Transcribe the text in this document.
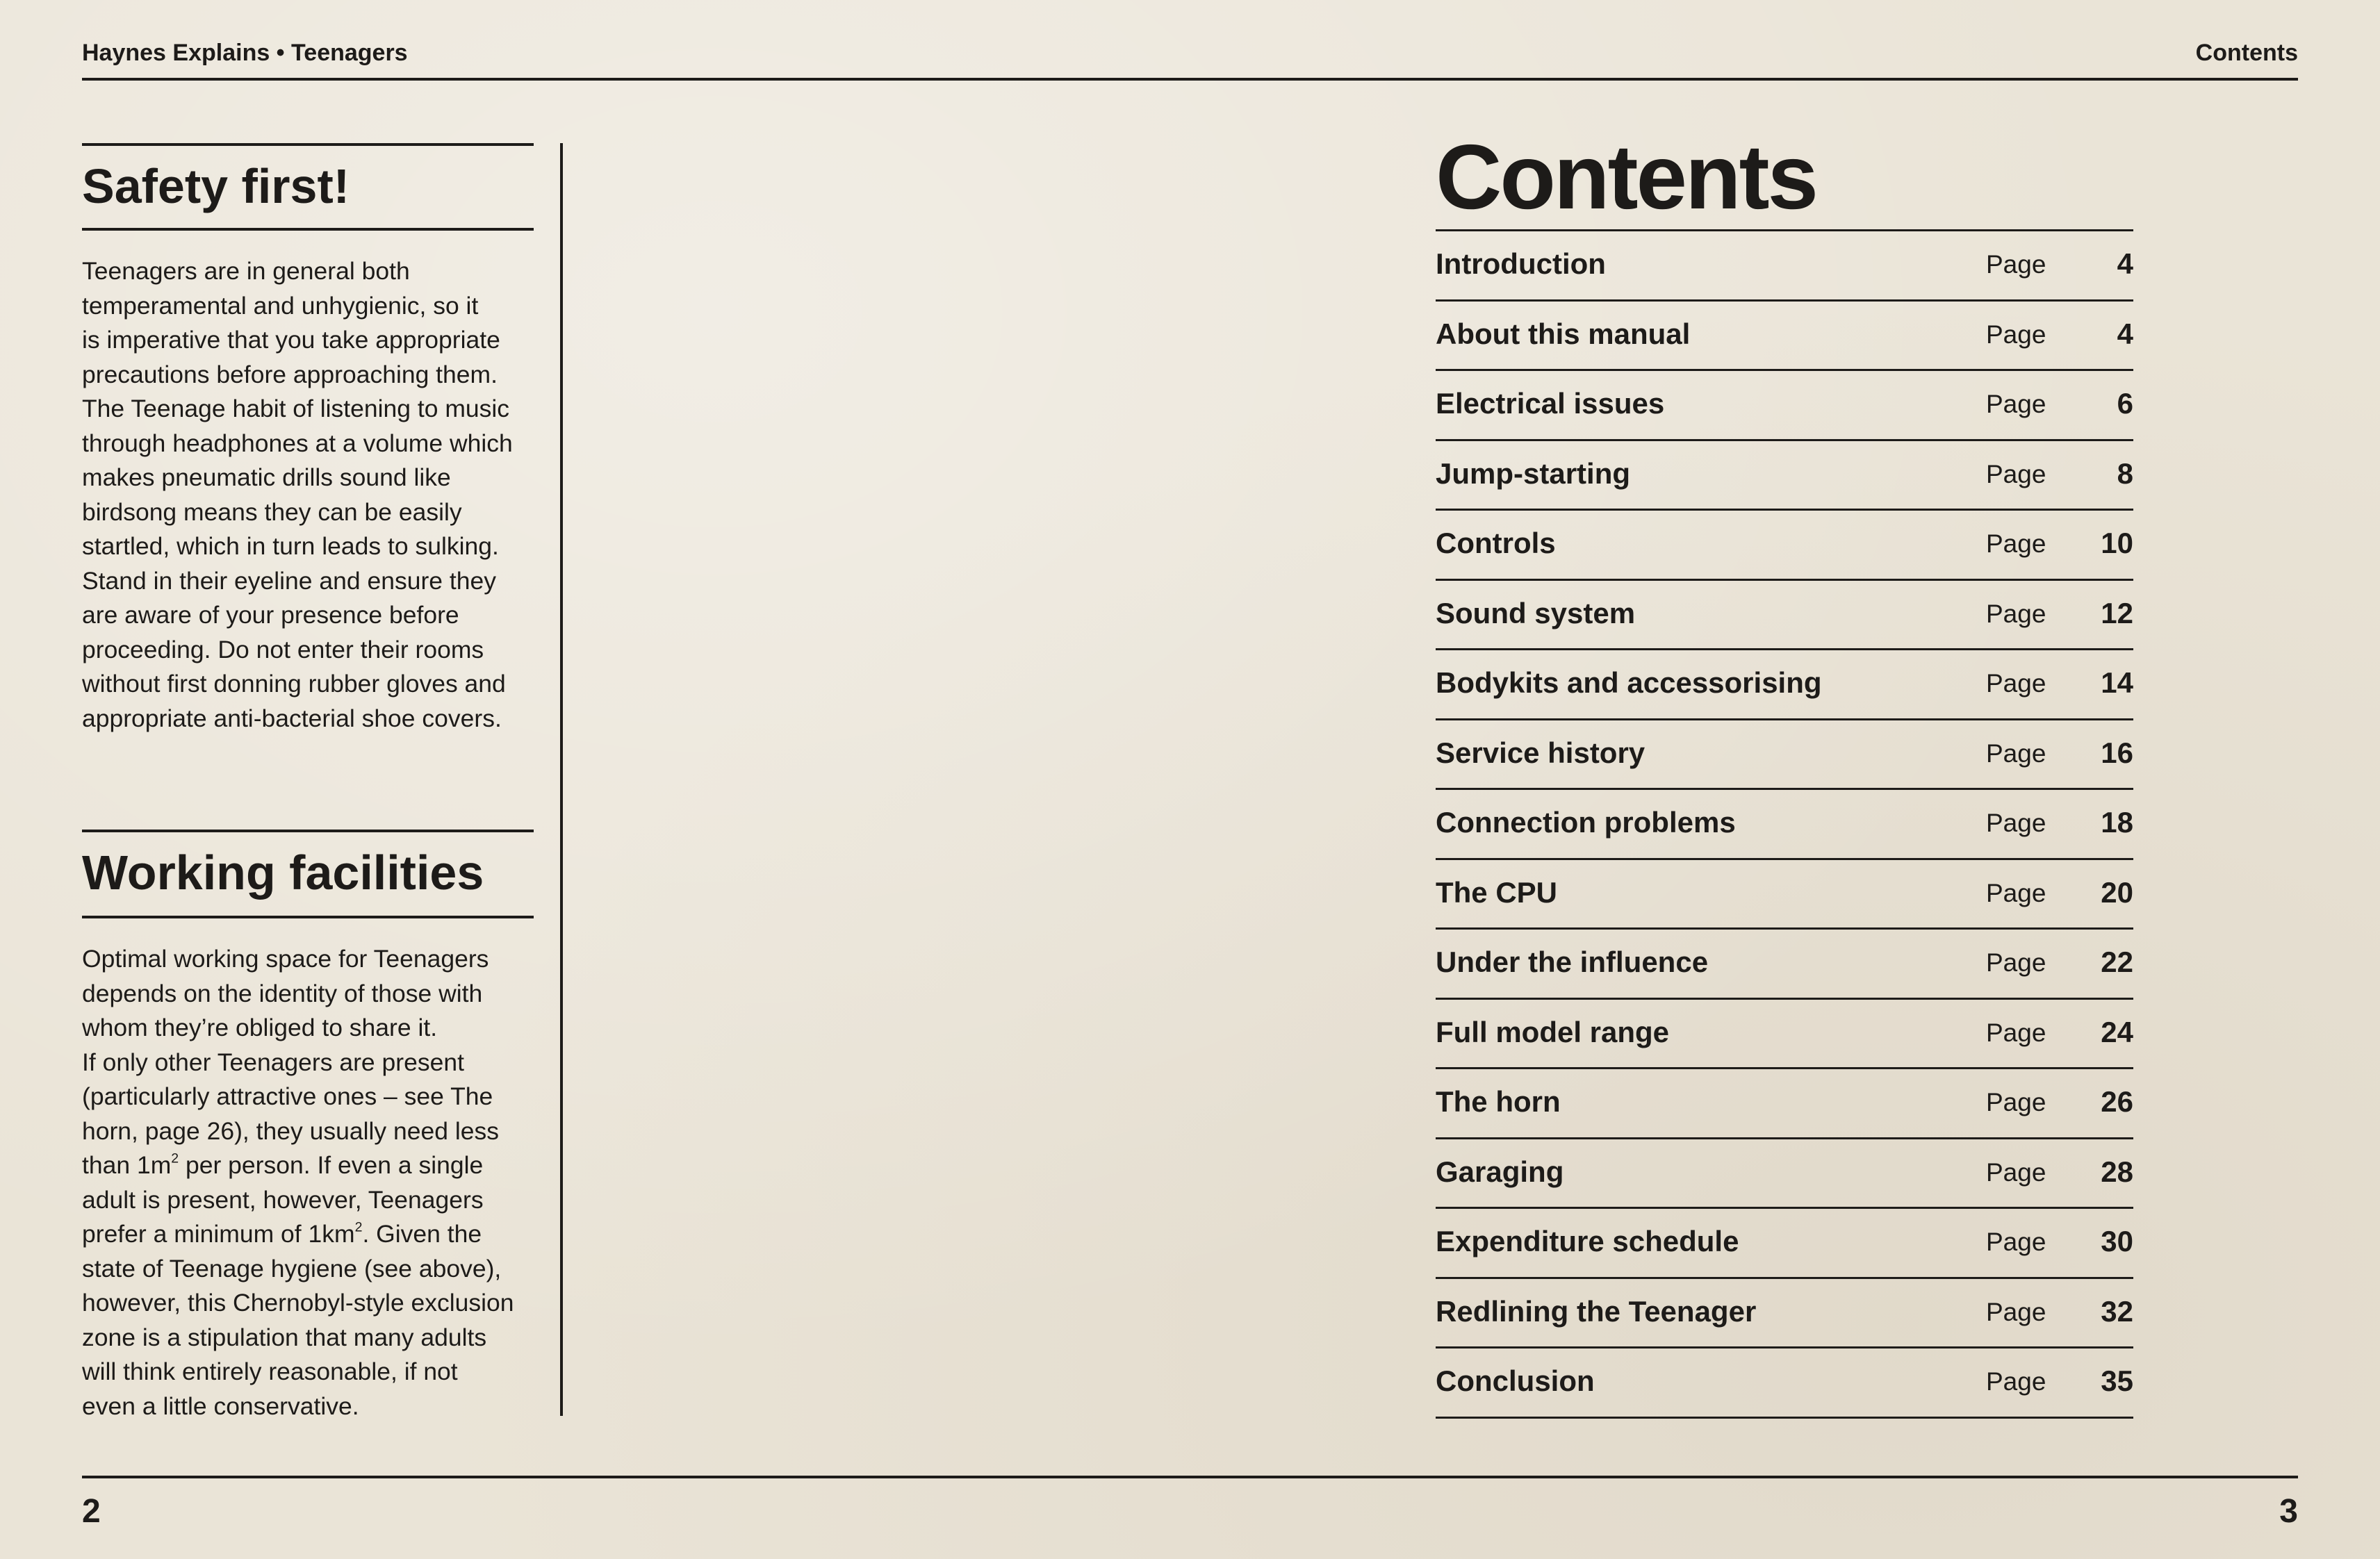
Haynes Explains • Teenagers	Contents
Safety first!
Teenagers are in general both
temperamental and unhygienic, so it
is imperative that you take appropriate
precautions before approaching them.
The Teenage habit of listening to music
through headphones at a volume which
makes pneumatic drills sound like
birdsong means they can be easily
startled, which in turn leads to sulking.
Stand in their eyeline and ensure they
are aware of your presence before
proceeding. Do not enter their rooms
without first donning rubber gloves and
appropriate anti-bacterial shoe covers.
Working facilities
Optimal working space for Teenagers
depends on the identity of those with
whom they’re obliged to share it.
If only other Teenagers are present
(particularly attractive ones – see The
horn, page 26), they usually need less
than $1m^2$ per person. If even a single
adult is present, however, Teenagers
prefer a minimum of $1km^2$. Given the
state of Teenage hygiene (see above),
however, this Chernobyl-style exclusion
zone is a stipulation that many adults
will think entirely reasonable, if not
even a little conservative.
Contents
Introduction	Page 4
About this manual	Page 4
Electrical issues	Page 6
Jump-starting	Page 8
Controls	Page 10
Sound system	Page 12
Bodykits and accessorising	Page 14
Service history	Page 16
Connection problems	Page 18
The CPU	Page 20
Under the influence	Page 22
Full model range	Page 24
The horn	Page 26
Garaging	Page 28
Expenditure schedule	Page 30
Redlining the Teenager	Page 32
Conclusion	Page 35
2	3
